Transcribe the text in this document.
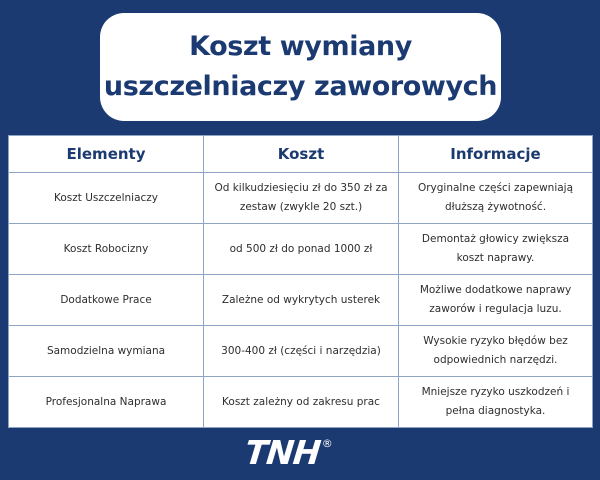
Koszt wymiany
uszczelniaczy zaworowych
Elementy	Koszt	Informacje
Koszt Uszczelniaczy	Od kilkudziesięciu zł do 350 zł za zestaw (zwykle 20 szt.)	Oryginalne części zapewniają dłuższą żywotność.
Koszt Robocizny	od 500 zł do ponad 1000 zł	Demontaż głowicy zwiększa koszt naprawy.
Dodatkowe Prace	Zależne od wykrytych usterek	Możliwe dodatkowe naprawy zaworów i regulacja luzu.
Samodzielna wymiana	300-400 zł (części i narzędzia)	Wysokie ryzyko błędów bez odpowiednich narzędzi.
Profesjonalna Naprawa	Koszt zależny od zakresu prac	Mniejsze ryzyko uszkodzeń i pełna diagnostyka.
TNH ®
